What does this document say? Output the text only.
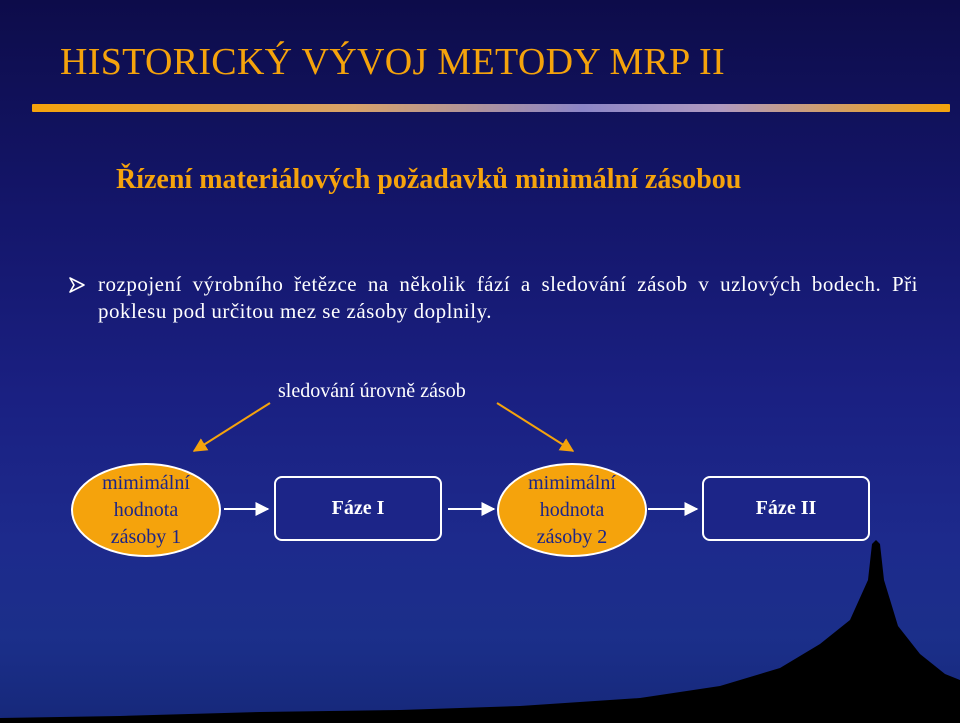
HISTORICKÝ VÝVOJ METODY MRP II
Řízení materiálových požadavků minimální zásobou
rozpojení výrobního řetězce na několik fází a sledování zásob v uzlových bodech. Při poklesu pod určitou mez se zásoby doplnily.
sledování úrovně zásob
mimimální
hodnota
zásoby 1
Fáze I
mimimální
hodnota
zásoby 2
Fáze II
